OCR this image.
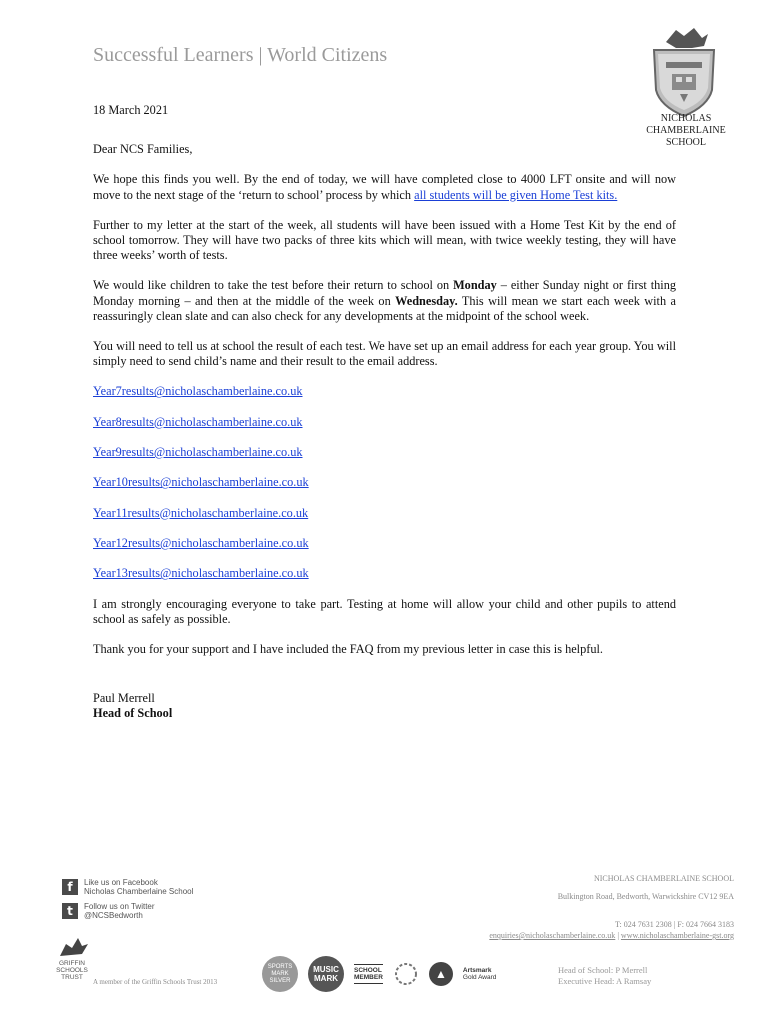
Successful Learners | World Citizens
NICHOLAS
CHAMBERLAINE
SCHOOL

18 March 2021

Dear NCS Families,

We hope this finds you well. By the end of today, we will have completed close to 4000 LFT onsite and will now move to the next stage of the ‘return to school’ process by which all students will be given Home Test kits.

Further to my letter at the start of the week, all students will have been issued with a Home Test Kit by the end of school tomorrow. They will have two packs of three kits which will mean, with twice weekly testing, they will have three weeks’ worth of tests.

We would like children to take the test before their return to school on Monday – either Sunday night or first thing Monday morning – and then at the middle of the week on Wednesday. This will mean we start each week with a reassuringly clean slate and can also check for any developments at the midpoint of the school week.

You will need to tell us at school the result of each test. We have set up an email address for each year group. You will simply need to send child’s name and their result to the email address.

Year7results@nicholaschamberlaine.co.uk
Year8results@nicholaschamberlaine.co.uk
Year9results@nicholaschamberlaine.co.uk
Year10results@nicholaschamberlaine.co.uk
Year11results@nicholaschamberlaine.co.uk
Year12results@nicholaschamberlaine.co.uk
Year13results@nicholaschamberlaine.co.uk

I am strongly encouraging everyone to take part. Testing at home will allow your child and other pupils to attend school as safely as possible.

Thank you for your support and I have included the FAQ from my previous letter in case this is helpful.

Paul Merrell
Head of School
f	Like us on Facebook
Nicholas Chamberlaine School
t	Follow us on Twitter
@NCSBedworth
NICHOLAS CHAMBERLAINE SCHOOL
Bulkington Road, Bedworth, Warwickshire CV12 9EA
T: 024 7631 2308 | F: 024 7664 3183
enquiries@nicholaschamberlaine.co.uk | www.nicholaschamberlaine-gst.org
GRIFFIN
SCHOOLS
TRUST
A member of the Griffin Schools Trust 2013
SPORTS MARK SILVER
MUSIC
MARK
SCHOOL
MEMBER	▲	Artsmark
Gold Award
Head of School: P Merrell
Executive Head: A Ramsay
